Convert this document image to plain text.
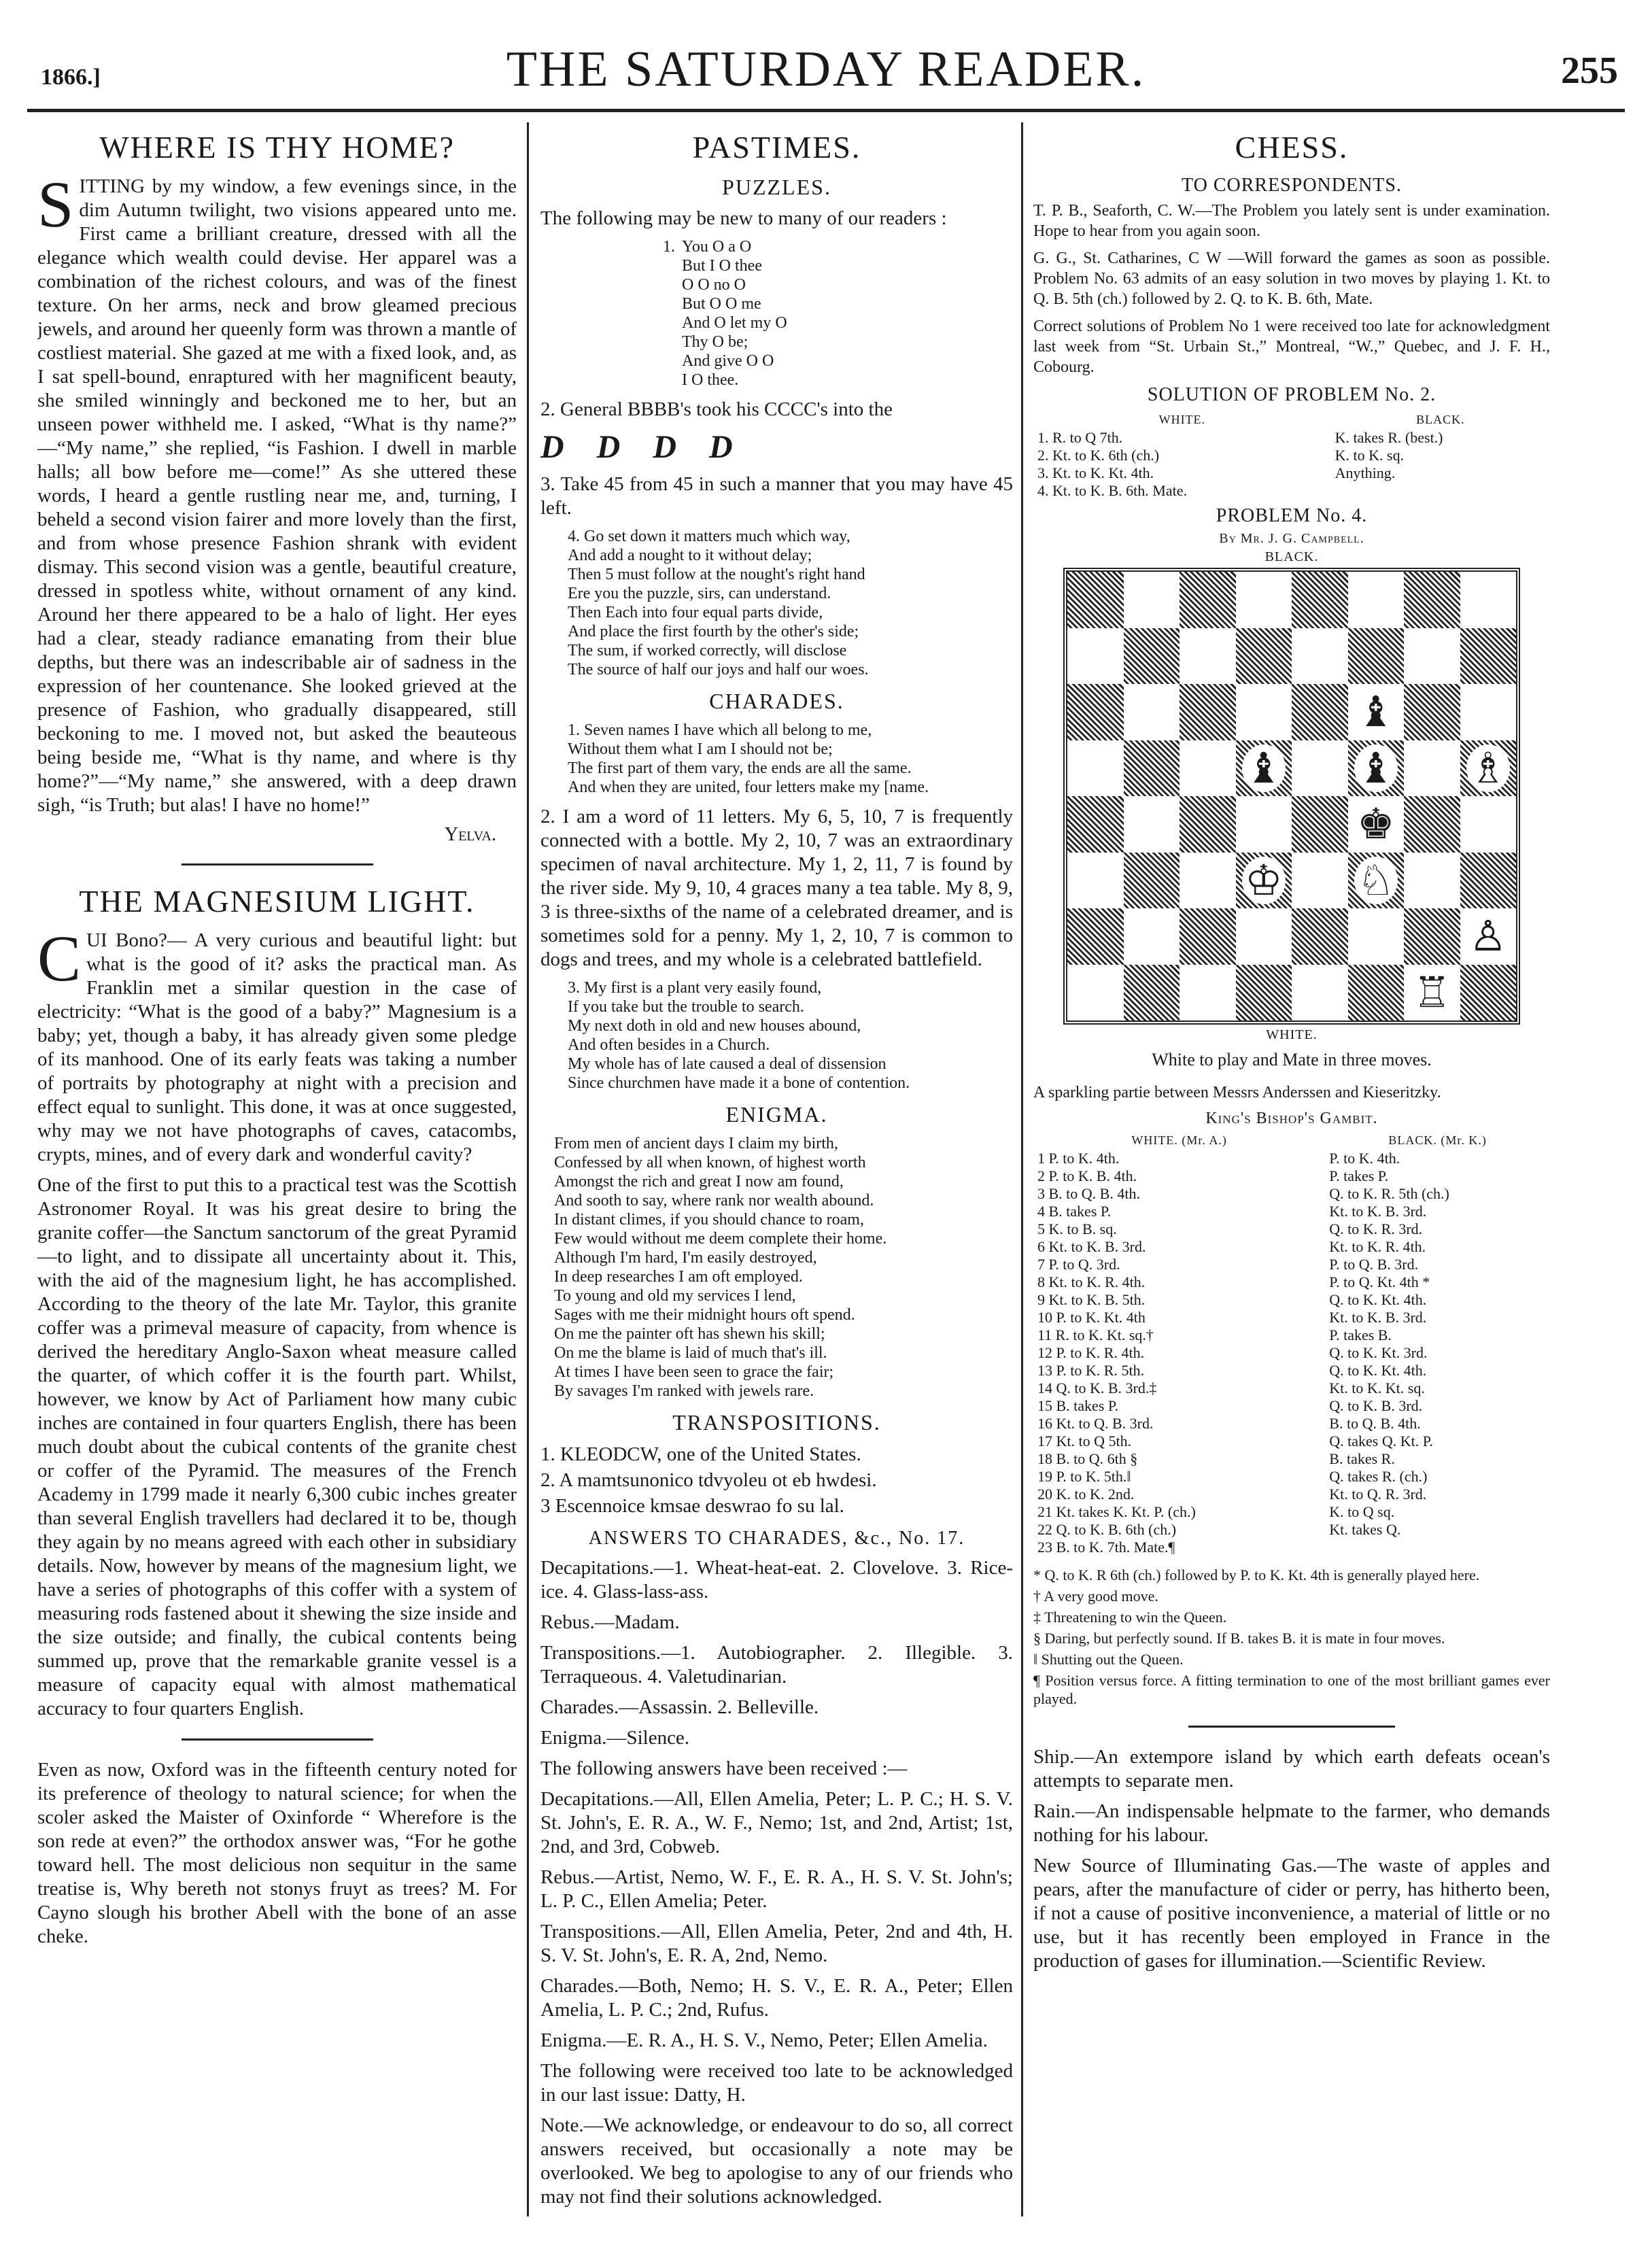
1866.]	THE SATURDAY READER.	255
WHERE IS THY HOME?

SITTING by my window, a few evenings since, in the dim Autumn twilight, two visions appeared unto me. First came a brilliant creature, dressed with all the elegance which wealth could devise. Her apparel was a combination of the richest colours, and was of the finest texture. On her arms, neck and brow gleamed precious jewels, and around her queenly form was thrown a mantle of costliest material. She gazed at me with a fixed look, and, as I sat spell-bound, enraptured with her magnificent beauty, she smiled winningly and beckoned me to her, but an unseen power withheld me. I asked, “What is thy name?” —“My name,” she replied, “is Fashion. I dwell in marble halls; all bow before me—come!” As she uttered these words, I heard a gentle rustling near me, and, turning, I beheld a second vision fairer and more lovely than the first, and from whose presence Fashion shrank with evident dismay. This second vision was a gentle, beautiful creature, dressed in spotless white, without ornament of any kind. Around her there appeared to be a halo of light. Her eyes had a clear, steady radiance emanating from their blue depths, but there was an indescribable air of sadness in the expression of her countenance. She looked grieved at the presence of Fashion, who gradually disappeared, still beckoning to me. I moved not, but asked the beauteous being beside me, “What is thy name, and where is thy home?”—“My name,” she answered, with a deep drawn sigh, “is Truth; but alas! I have no home!”

Yelva.
THE MAGNESIUM LIGHT.

CUI Bono?— A very curious and beautiful light: but what is the good of it? asks the practical man. As Franklin met a similar question in the case of electricity: “What is the good of a baby?” Magnesium is a baby; yet, though a baby, it has already given some pledge of its manhood. One of its early feats was taking a number of portraits by photography at night with a precision and effect equal to sunlight. This done, it was at once suggested, why may we not have photographs of caves, catacombs, crypts, mines, and of every dark and wonderful cavity?

One of the first to put this to a practical test was the Scottish Astronomer Royal. It was his great desire to bring the granite coffer—the Sanctum sanctorum of the great Pyramid—to light, and to dissipate all uncertainty about it. This, with the aid of the magnesium light, he has accomplished. According to the theory of the late Mr. Taylor, this granite coffer was a primeval measure of capacity, from whence is derived the hereditary Anglo-Saxon wheat measure called the quarter, of which coffer it is the fourth part. Whilst, however, we know by Act of Parliament how many cubic inches are contained in four quarters English, there has been much doubt about the cubical contents of the granite chest or coffer of the Pyramid. The measures of the French Academy in 1799 made it nearly 6,300 cubic inches greater than several English travellers had declared it to be, though they again by no means agreed with each other in subsidiary details. Now, however by means of the magnesium light, we have a series of photographs of this coffer with a system of measuring rods fastened about it shewing the size inside and the size outside; and finally, the cubical contents being summed up, prove that the remarkable granite vessel is a measure of capacity equal with almost mathematical accuracy to four quarters English.

Even as now, Oxford was in the fifteenth century noted for its preference of theology to natural science; for when the scoler asked the Maister of Oxinforde “ Wherefore is the son rede at even?” the orthodox answer was, “For he gothe toward hell. The most delicious non sequitur in the same treatise is, Why bereth not stonys fruyt as trees? M. For Cayno slough his brother Abell with the bone of an asse cheke.

PASTIMES.
PUZZLES.

The following may be new to many of our readers :

1. You O a O
But I O thee
O O no O
But O O me
And O let my O
Thy O be;
And give O O
I O thee.

2. General BBBB's took his CCCC's into the

D D D D

3. Take 45 from 45 in such a manner that you may have 45 left.

4. Go set down it matters much which way,
And add a nought to it without delay;
Then 5 must follow at the nought's right hand
Ere you the puzzle, sirs, can understand.
Then Each into four equal parts divide,
And place the first fourth by the other's side;
The sum, if worked correctly, will disclose
The source of half our joys and half our woes.
CHARADES.
1. Seven names I have which all belong to me,
Without them what I am I should not be;
The first part of them vary, the ends are all the same.
And when they are united, four letters make my [name.

2. I am a word of 11 letters. My 6, 5, 10, 7 is frequently connected with a bottle. My 2, 10, 7 was an extraordinary specimen of naval architecture. My 1, 2, 11, 7 is found by the river side. My 9, 10, 4 graces many a tea table. My 8, 9, 3 is three-sixths of the name of a celebrated dreamer, and is sometimes sold for a penny. My 1, 2, 10, 7 is common to dogs and trees, and my whole is a celebrated battlefield.

3. My first is a plant very easily found,
If you take but the trouble to search.
My next doth in old and new houses abound,
And often besides in a Church.
My whole has of late caused a deal of dissension
Since churchmen have made it a bone of contention.
ENIGMA.
From men of ancient days I claim my birth,
Confessed by all when known, of highest worth
Amongst the rich and great I now am found,
And sooth to say, where rank nor wealth abound.
In distant climes, if you should chance to roam,
Few would without me deem complete their home.
Although I'm hard, I'm easily destroyed,
In deep researches I am oft employed.
To young and old my services I lend,
Sages with me their midnight hours oft spend.
On me the painter oft has shewn his skill;
On me the blame is laid of much that's ill.
At times I have been seen to grace the fair;
By savages I'm ranked with jewels rare.
TRANSPOSITIONS.
1. KLEODCW, one of the United States.
2. A mamtsunonico tdvyoleu ot eb hwdesi.
3 Escennoice kmsae deswrao fo su lal.
ANSWERS TO CHARADES, &c., No. 17.

Decapitations.—1. Wheat-heat-eat. 2. Clovelove. 3. Rice-ice. 4. Glass-lass-ass.

Rebus.—Madam.

Transpositions.—1. Autobiographer. 2. Illegible. 3. Terraqueous. 4. Valetudinarian.

Charades.—Assassin. 2. Belleville.

Enigma.—Silence.

The following answers have been received :—

Decapitations.—All, Ellen Amelia, Peter; L. P. C.; H. S. V. St. John's, E. R. A., W. F., Nemo; 1st, and 2nd, Artist; 1st, 2nd, and 3rd, Cobweb.

Rebus.—Artist, Nemo, W. F., E. R. A., H. S. V. St. John's; L. P. C., Ellen Amelia; Peter.

Transpositions.—All, Ellen Amelia, Peter, 2nd and 4th, H. S. V. St. John's, E. R. A, 2nd, Nemo.

Charades.—Both, Nemo; H. S. V., E. R. A., Peter; Ellen Amelia, L. P. C.; 2nd, Rufus.

Enigma.—E. R. A., H. S. V., Nemo, Peter; Ellen Amelia.

The following were received too late to be acknowledged in our last issue: Datty, H.

Note.—We acknowledge, or endeavour to do so, all correct answers received, but occasionally a note may be overlooked. We beg to apologise to any of our friends who may not find their solutions acknowledged.

CHESS.
TO CORRESPONDENTS.

T. P. B., Seaforth, C. W.—The Problem you lately sent is under examination. Hope to hear from you again soon.

G. G., St. Catharines, C W —Will forward the games as soon as possible. Problem No. 63 admits of an easy solution in two moves by playing 1. Kt. to Q. B. 5th (ch.) followed by 2. Q. to K. B. 6th, Mate.

Correct solutions of Problem No 1 were received too late for acknowledgment last week from “St. Urbain St.,” Montreal, “W.,” Quebec, and J. F. H., Cobourg.

SOLUTION OF PROBLEM No. 2.
WHITE.	BLACK.
1. R. to Q 7th.	K. takes R. (best.)
2. Kt. to K. 6th (ch.)	K. to K. sq.
3. Kt. to K. Kt. 4th.	Anything.
4. Kt. to K. B. 6th. Mate.	
PROBLEM No. 4.
By Mr. J. G. Campbell.
BLACK.
♝
♝ ♝ ♗
♚
♔ ♘
♙
♖
WHITE.
White to play and Mate in three moves.

A sparkling partie between Messrs Anderssen and Kieseritzky.

King's Bishop's Gambit.
WHITE. (Mr. A.)	BLACK. (Mr. K.)
1 P. to K. 4th.	P. to K. 4th.
2 P. to K. B. 4th.	P. takes P.
3 B. to Q. B. 4th.	Q. to K. R. 5th (ch.)
4 B. takes P.	Kt. to K. B. 3rd.
5 K. to B. sq.	Q. to K. R. 3rd.
6 Kt. to K. B. 3rd.	Kt. to K. R. 4th.
7 P. to Q. 3rd.	P. to Q. B. 3rd.
8 Kt. to K. R. 4th.	P. to Q. Kt. 4th *
9 Kt. to K. B. 5th.	Q. to K. Kt. 4th.
10 P. to K. Kt. 4th	Kt. to K. B. 3rd.
11 R. to K. Kt. sq.†	P. takes B.
12 P. to K. R. 4th.	Q. to K. Kt. 3rd.
13 P. to K. R. 5th.	Q. to K. Kt. 4th.
14 Q. to K. B. 3rd.‡	Kt. to K. Kt. sq.
15 B. takes P.	Q. to K. B. 3rd.
16 Kt. to Q. B. 3rd.	B. to Q. B. 4th.
17 Kt. to Q 5th.	Q. takes Q. Kt. P.
18 B. to Q. 6th §	B. takes R.
19 P. to K. 5th.‖	Q. takes R. (ch.)
20 K. to K. 2nd.	Kt. to Q. R. 3rd.
21 Kt. takes K. Kt. P. (ch.)	K. to Q sq.
22 Q. to K. B. 6th (ch.)	Kt. takes Q.
23 B. to K. 7th. Mate.¶	

* Q. to K. R 6th (ch.) followed by P. to K. Kt. 4th is generally played here.

† A very good move.

‡ Threatening to win the Queen.

§ Daring, but perfectly sound. If B. takes B. it is mate in four moves.

‖ Shutting out the Queen.

¶ Position versus force. A fitting termination to one of the most brilliant games ever played.

Ship.—An extempore island by which earth defeats ocean's attempts to separate men.

Rain.—An indispensable helpmate to the farmer, who demands nothing for his labour.

New Source of Illuminating Gas.—The waste of apples and pears, after the manufacture of cider or perry, has hitherto been, if not a cause of positive inconvenience, a material of little or no use, but it has recently been employed in France in the production of gases for illumination.—Scientific Review.
